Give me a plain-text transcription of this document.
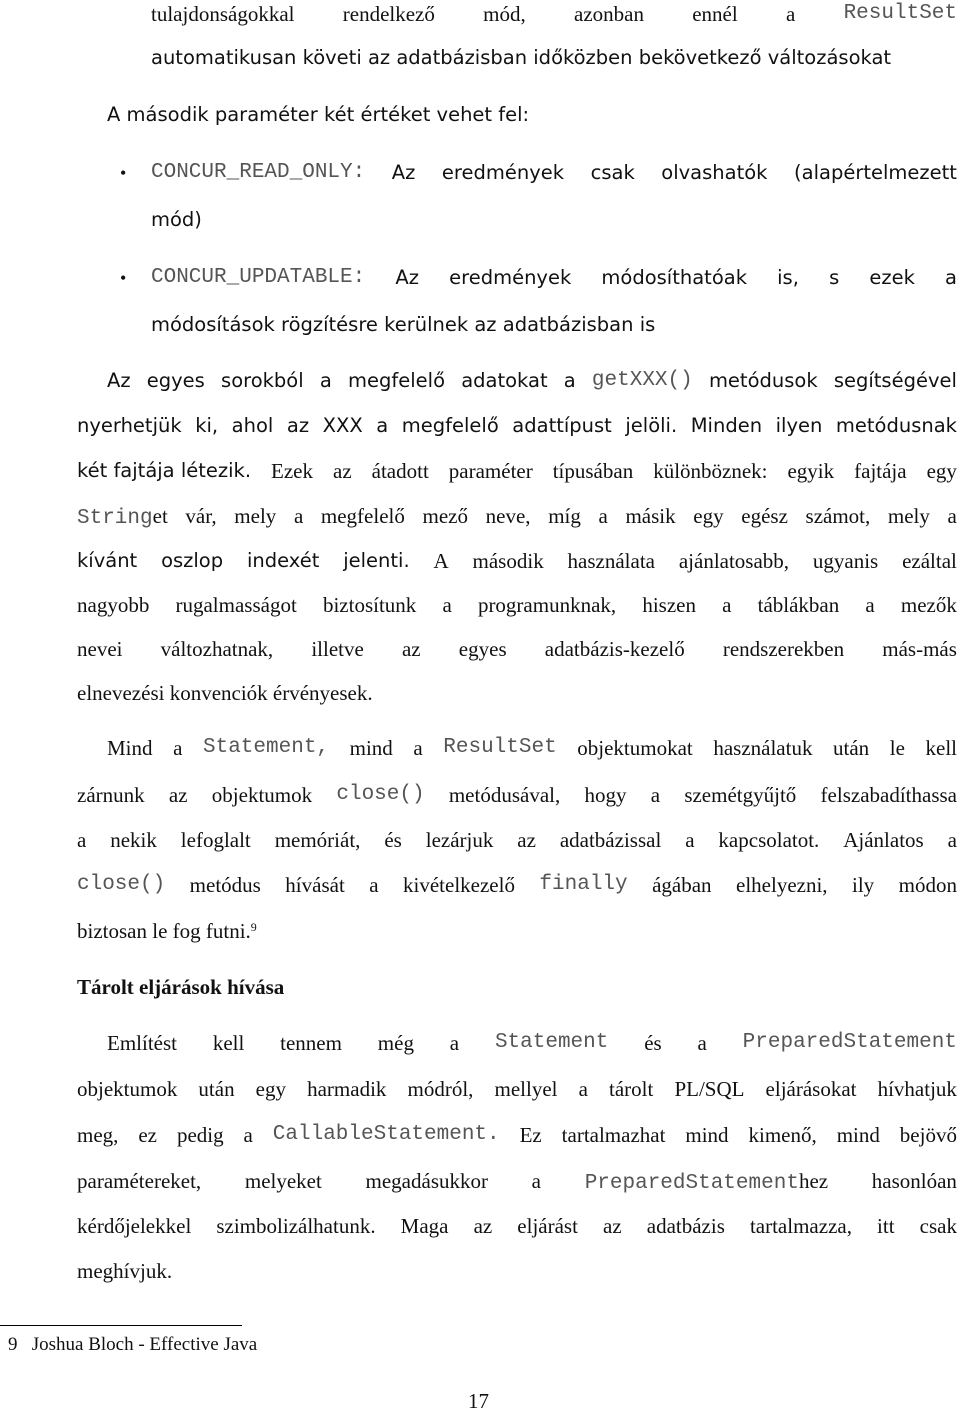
tulajdonságokkal rendelkező mód, azonban ennél a ResultSet
automatikusan követi az adatbázisban időközben bekövetkező változásokat
A második paraméter két értéket vehet fel:
• CONCUR_READ_ONLY: Az eredmények csak olvashatók (alapértelmezett
mód)
• CONCUR_UPDATABLE: Az eredmények módosíthatóak is, s ezek a
módosítások rögzítésre kerülnek az adatbázisban is
Az egyes sorokból a megfelelő adatokat a getXXX() metódusok segítségével
nyerhetjük ki, ahol az XXX a megfelelő adattípust jelöli. Minden ilyen metódusnak
két fajtája létezik. Ezek az átadott paraméter típusában különböznek: egyik fajtája egy
Stringet vár, mely a megfelelő mező neve, míg a másik egy egész számot, mely a
kívánt oszlop indexét jelenti. A második használata ajánlatosabb, ugyanis ezáltal
nagyobb rugalmasságot biztosítunk a programunknak, hiszen a táblákban a mezők
nevei változhatnak, illetve az egyes adatbázis-kezelő rendszerekben más-más
elnevezési konvenciók érvényesek.
Mind a Statement, mind a ResultSet objektumokat használatuk után le kell
zárnunk az objektumok close() metódusával, hogy a szemétgyűjtő felszabadíthassa
a nekik lefoglalt memóriát, és lezárjuk az adatbázissal a kapcsolatot. Ajánlatos a
close() metódus hívását a kivételkezelő finally ágában elhelyezni, ily módon
biztosan le fog futni.$^9$
Tárolt eljárások hívása
Említést kell tennem még a Statement és a PreparedStatement
objektumok után egy harmadik módról, mellyel a tárolt PL/SQL eljárásokat hívhatjuk
meg, ez pedig a CallableStatement. Ez tartalmazhat mind kimenő, mind bejövő
paramétereket, melyeket megadásukkor a PreparedStatementhez hasonlóan
kérdőjelekkel szimbolizálhatunk. Maga az eljárást az adatbázis tartalmazza, itt csak
meghívjuk.
9 Joshua Bloch - Effective Java
17
